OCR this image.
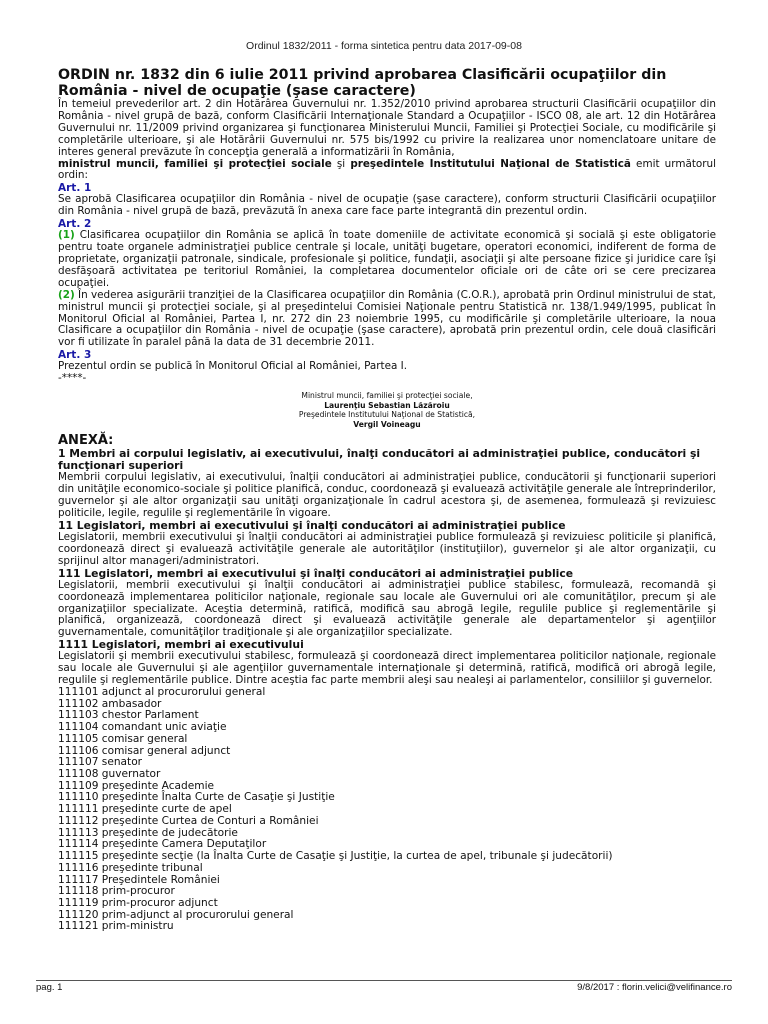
Ordinul 1832/2011 - forma sintetica pentru data 2017-09-08

ORDIN nr. 1832 din 6 iulie 2011 privind aprobarea Clasificării ocupaţiilor din România - nivel de ocupaţie (şase caractere)

În temeiul prevederilor art. 2 din Hotărârea Guvernului nr. 1.352/2010 privind aprobarea structurii Clasificării ocupaţiilor din România - nivel grupă de bază, conform Clasificării Internaţionale Standard a Ocupaţiilor - ISCO 08, ale art. 12 din Hotărârea Guvernului nr. 11/2009 privind organizarea şi funcţionarea Ministerului Muncii, Familiei şi Protecţiei Sociale, cu modificările şi completările ulterioare, şi ale Hotărârii Guvernului nr. 575 bis/1992 cu privire la realizarea unor nomenclatoare unitare de interes general prevăzute în concepţia generală a informatizării în România,

ministrul muncii, familiei şi protecţiei sociale şi preşedintele Institutului Naţional de Statistică emit următorul ordin:

Art. 1

Se aprobă Clasificarea ocupaţiilor din România - nivel de ocupaţie (şase caractere), conform structurii Clasificării ocupaţiilor din România - nivel grupă de bază, prevăzută în anexa care face parte integrantă din prezentul ordin.

Art. 2

(1) Clasificarea ocupaţiilor din România se aplică în toate domeniile de activitate economică şi socială şi este obligatorie pentru toate organele administraţiei publice centrale şi locale, unităţi bugetare, operatori economici, indiferent de forma de proprietate, organizaţii patronale, sindicale, profesionale şi politice, fundaţii, asociaţii şi alte persoane fizice şi juridice care îşi desfăşoară activitatea pe teritoriul României, la completarea documentelor oficiale ori de câte ori se cere precizarea ocupaţiei.

(2) În vederea asigurării tranziţiei de la Clasificarea ocupaţiilor din România (C.O.R.), aprobată prin Ordinul ministrului de stat, ministrul muncii şi protecţiei sociale, şi al preşedintelui Comisiei Naţionale pentru Statistică nr. 138/1.949/1995, publicat în Monitorul Oficial al României, Partea I, nr. 272 din 23 noiembrie 1995, cu modificările şi completările ulterioare, la noua Clasificare a ocupaţiilor din România - nivel de ocupaţie (şase caractere), aprobată prin prezentul ordin, cele două clasificări vor fi utilizate în paralel până la data de 31 decembrie 2011.

Art. 3

Prezentul ordin se publică în Monitorul Oficial al României, Partea I.

-****-

Ministrul muncii, familiei şi protecţiei sociale,
Laurenţiu Sebastian Lăzăroiu
Preşedintele Institutului Naţional de Statistică,
Vergil Voineagu
ANEXĂ:

1 Membri ai corpului legislativ, ai executivului, înalţi conducători ai administraţiei publice, conducători şi funcţionari superiori

Membrii corpului legislativ, ai executivului, înalţii conducători ai administraţiei publice, conducătorii şi funcţionarii superiori din unităţile economico-sociale şi politice planifică, conduc, coordonează şi evaluează activităţile generale ale întreprinderilor, guvernelor şi ale altor organizaţii sau unităţi organizaţionale în cadrul acestora şi, de asemenea, formulează şi revizuiesc politicile, legile, regulile şi reglementările în vigoare.

11 Legislatori, membri ai executivului şi înalţi conducători ai administraţiei publice

Legislatorii, membrii executivului şi înalţii conducători ai administraţiei publice formulează şi revizuiesc politicile şi planifică, coordonează direct şi evaluează activităţile generale ale autorităţilor (instituţiilor), guvernelor şi ale altor organizaţii, cu sprijinul altor manageri/administratori.

111 Legislatori, membri ai executivului şi înalţi conducători ai administraţiei publice

Legislatorii, membrii executivului şi înalţii conducători ai administraţiei publice stabilesc, formulează, recomandă şi coordonează implementarea politicilor naţionale, regionale sau locale ale Guvernului ori ale comunităţilor, precum şi ale organizaţiilor specializate. Aceştia determină, ratifică, modifică sau abrogă legile, regulile publice şi reglementările şi planifică, organizează, coordonează direct şi evaluează activităţile generale ale departamentelor şi agenţiilor guvernamentale, comunităţilor tradiţionale şi ale organizaţiilor specializate.

1111 Legislatori, membri ai executivului

Legislatorii şi membrii executivului stabilesc, formulează şi coordonează direct implementarea politicilor naţionale, regionale sau locale ale Guvernului şi ale agenţiilor guvernamentale internaţionale şi determină, ratifică, modifică ori abrogă legile, regulile şi reglementările publice. Dintre aceştia fac parte membrii aleşi sau nealeşi ai parlamentelor, consiliilor şi guvernelor.

111101 adjunct al procurorului general

111102 ambasador

111103 chestor Parlament

111104 comandant unic aviaţie

111105 comisar general

111106 comisar general adjunct

111107 senator

111108 guvernator

111109 preşedinte Academie

111110 preşedinte Înalta Curte de Casaţie şi Justiţie

111111 preşedinte curte de apel

111112 preşedinte Curtea de Conturi a României

111113 preşedinte de judecătorie

111114 preşedinte Camera Deputaţilor

111115 preşedinte secţie (la Înalta Curte de Casaţie şi Justiţie, la curtea de apel, tribunale şi judecătorii)

111116 preşedinte tribunal

111117 Preşedintele României

111118 prim-procuror

111119 prim-procuror adjunct

111120 prim-adjunct al procurorului general

111121 prim-ministru

pag. 1	9/8/2017 : florin.velici@velifinance.ro
